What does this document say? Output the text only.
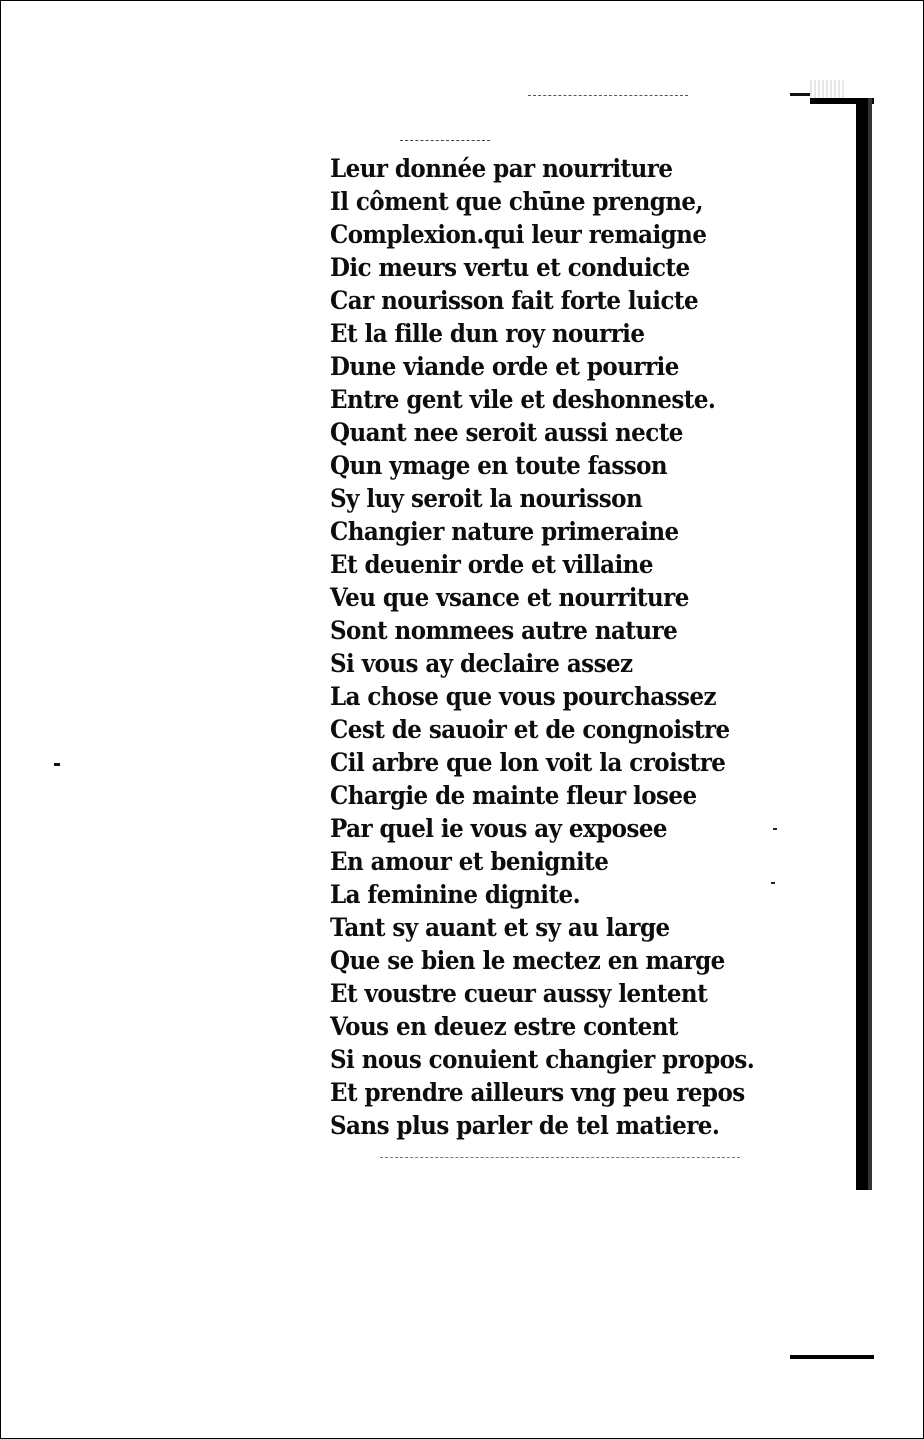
Leur donnée par nourriture
Il côment que chūne prengne,
Complexion.qui leur remaigne
Dic meurs vertu et conduicte
Car nourisson fait forte luicte
Et la fille dun roy nourrie
Dune viande orde et pourrie
Entre gent vile et deshonneste.
Quant nee seroit aussi necte
Qun ymage en toute fasson
Sy luy seroit la nourisson
Changier nature primeraine
Et deuenir orde et villaine
Veu que vsance et nourriture
Sont nommees autre nature
Si vous ay declaire assez
La chose que vous pourchassez
Cest de sauoir et de congnoistre
Cil arbre que lon voit la croistre
Chargie de mainte fleur losee
Par quel ie vous ay exposee
En amour et benignite
La feminine dignite.
Tant sy auant et sy au large
Que se bien le mectez en marge
Et voustre cueur aussy lentent
Vous en deuez estre content
Si nous conuient changier propos.
Et prendre ailleurs vng peu repos
Sans plus parler de tel matiere.
